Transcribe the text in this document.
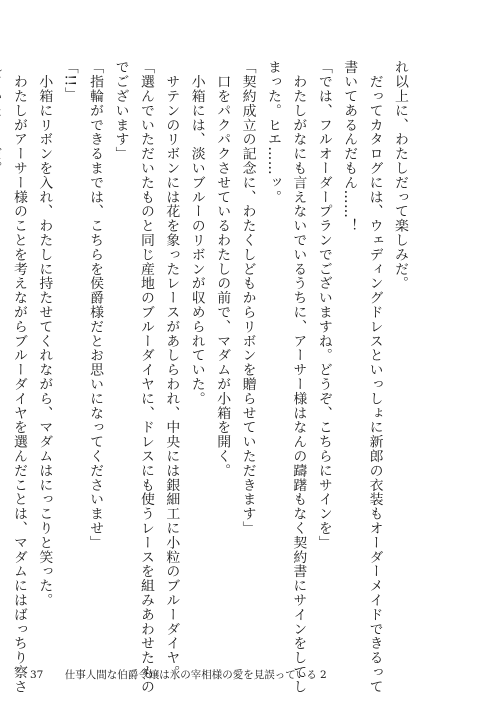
れ以上に、わたしだって楽しみだ。

　だってカタログには、ウェディングドレスといっしょに新郎の衣装もオーダーメイドできるって

書いてあるんだもん……！

「では、フルオーダープランでございますね。どうぞ、こちらにサインを」

　わたしがなにも言えないでいるうちに、アーサー様はなんの躊躇もなく契約書にサインをしてし

まった。ヒエ……ッ。

「契約成立の記念に、わたくしどもからリボンを贈らせていただきます」

　口をパクパクさせているわたしの前で、マダムが小箱を開く。

　小箱には、淡いブルーのリボンが収められていた。

　サテンのリボンには花を象ったレースがあしらわれ、中央には銀細工に小粒のブルーダイヤ。

「選んでいただいたものと同じ産地のブルーダイヤに、ドレスにも使うレースを組みあわせたもの

でございます」

「指輪ができるまでは、こちらを侯爵様だとお思いになってくださいませ」

「!!」

　小箱にリボンを入れ、わたしに持たせてくれながら、マダムはにっこりと笑った。

　わたしがアーサー様のことを考えながらブルーダイヤを選んだことは、マダムにはばっちり察さ 37 仕事人間な伯爵令嬢は氷の宰相様の愛を見誤っている 2
